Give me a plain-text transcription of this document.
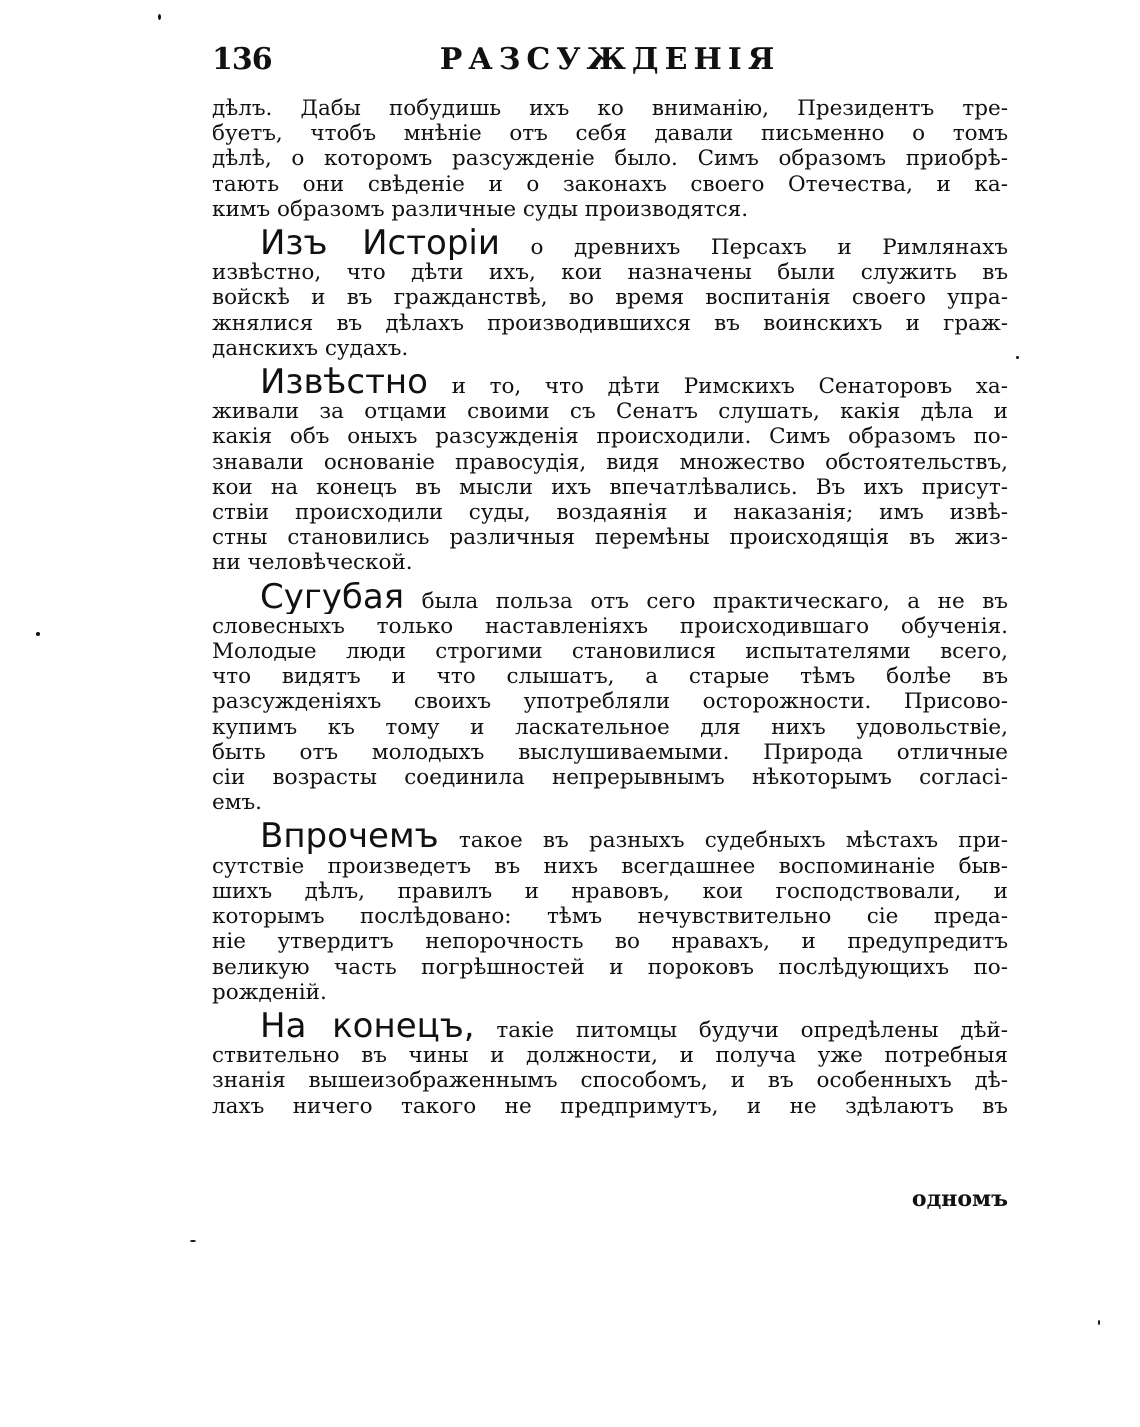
136	РАЗСУЖДЕНІЯ

дѣлъ. Дабы побудишь ихъ ко вниманію, Президентъ тре-
буетъ, чтобъ мнѣніе отъ себя давали письменно о томъ
дѣлѣ, о которомъ разсужденіе было. Симъ образомъ приобрѣ-
тають они свѣденіе и о законахъ своего Отечества, и ка-
кимъ образомъ различные суды производятся.

Изъ Исторіи о древнихъ Персахъ и Римлянахъ
извѣстно, что дѣти ихъ, кои назначены были служить въ
войскѣ и въ гражданствѣ, во время воспитанія своего упра-
жнялися въ дѣлахъ производившихся въ воинскихъ и граж-
данскихъ судахъ.

Извѣстно и то, что дѣти Римскихъ Сенаторовъ ха-
живали за отцами своими съ Сенатъ слушать, какія дѣла и
какія объ оныхъ разсужденія происходили. Симъ образомъ по-
знавали основаніе правосудія, видя множество обстоятельствъ,
кои на конецъ въ мысли ихъ впечатлѣвались. Въ ихъ присут-
ствіи происходили суды, воздаянія и наказанія; имъ извѣ-
стны становились различныя перемѣны происходящія въ жиз-
ни человѣческой.

Сугубая была польза отъ сего практическаго, а не въ
словесныхъ только наставленіяхъ происходившаго обученія.
Молодые люди строгими становилися испытателями всего,
что видятъ и что слышатъ, а старые тѣмъ болѣе въ
разсужденіяхъ своихъ употребляли осторожности. Присово-
купимъ къ тому и ласкательное для нихъ удовольствіе,
быть отъ молодыхъ выслушиваемыми. Природа отличные
сіи возрасты соединила непрерывнымъ нѣкоторымъ согласі-
емъ.

Впрочемъ такое въ разныхъ судебныхъ мѣстахъ при-
сутствіе произведетъ въ нихъ всегдашнее воспоминаніе быв-
шихъ дѣлъ, правилъ и нравовъ, кои господствовали, и
которымъ послѣдовано: тѣмъ нечувствительно сіе преда-
ніе утвердитъ непорочность во нравахъ, и предупредитъ
великую часть погрѣшностей и пороковъ послѣдующихъ по-
рожденій.

На конецъ, такіе питомцы будучи опредѣлены дѣй-
ствительно въ чины и должности, и получа уже потребныя
знанія вышеизображеннымъ способомъ, и въ особенныхъ дѣ-
лахъ ничего такого не предпримутъ, и не здѣлаютъ въ

одномъ
